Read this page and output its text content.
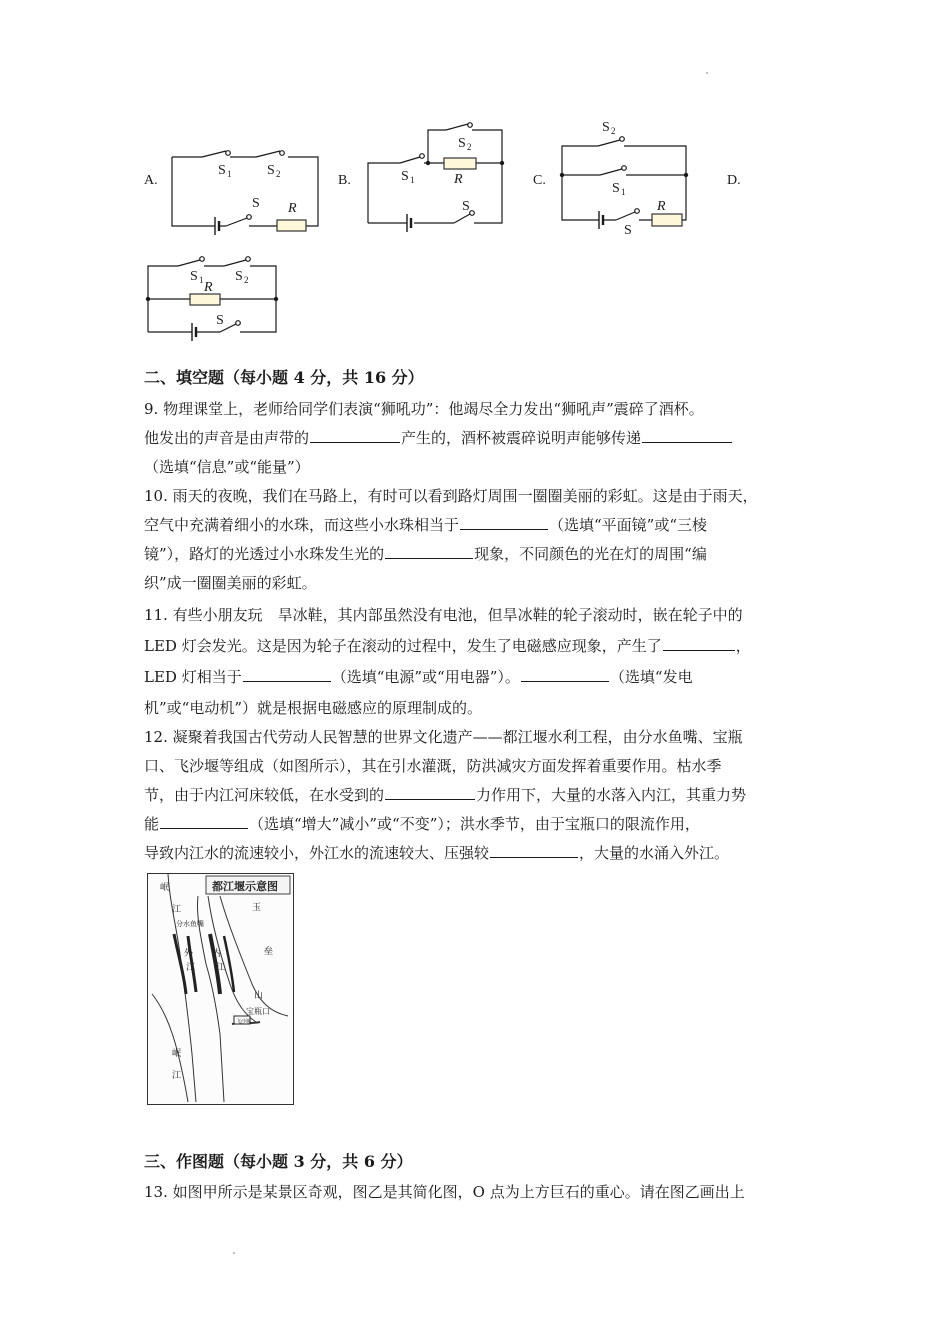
A.	B.	C.	D.
S 1	S 2
S R
S 2
S 1	R
S
S 2
S 1
R
S
S 1 S 2
R
S
二、填空题（每小题 4 分，共 16 分）
9. 物理课堂上，老师给同学们表演“狮吼功”：他竭尽全力发出“狮吼声”震碎了酒杯。
他发出的声音是由声带的	产生的，酒杯被震碎说明声能够传递
（选填“信息”或“能量”）
10. 雨天的夜晚，我们在马路上，有时可以看到路灯周围一圈圈美丽的彩虹。这是由于雨天，
空气中充满着细小的水珠，而这些小水珠相当于	（选填“平面镜”或“三棱
镜”），路灯的光透过小水珠发生光的	现象，不同颜色的光在灯的周围“编
织”成一圈圈美丽的彩虹。
11. 有些小朋友玩　旱冰鞋，其内部虽然没有电池，但旱冰鞋的轮子滚动时，嵌在轮子中的
LED 灯会发光。这是因为轮子在滚动的过程中，发生了电磁感应现象，产生了	，
LED 灯相当于	（选填“电源”或“用电器”）。	（选填“发电
机”或“电动机”）就是根据电磁感应的原理制成的。
12. 凝聚着我国古代劳动人民智慧的世界文化遗产——都江堰水利工程，由分水鱼嘴、宝瓶
口、飞沙堰等组成（如图所示），其在引水灌溉，防洪减灾方面发挥着重要作用。枯水季
节，由于内江河床较低，在水受到的	力作用下，大量的水落入内江，其重力势
能	（选填“增大”减小”或“不变”）；洪水季节，由于宝瓶口的限流作用，
导致内江水的流速较小，外江水的流速较大、压强较	，大量的水涌入外江。
都江堰示意图
岷
江
分水鱼嘴
外
江
内
江
玉
垒
山
宝瓶口
飞沙堰
岷
江
三、作图题（每小题 3 分，共 6 分）
13. 如图甲所示是某景区奇观，图乙是其简化图，O 点为上方巨石的重心。请在图乙画出上
